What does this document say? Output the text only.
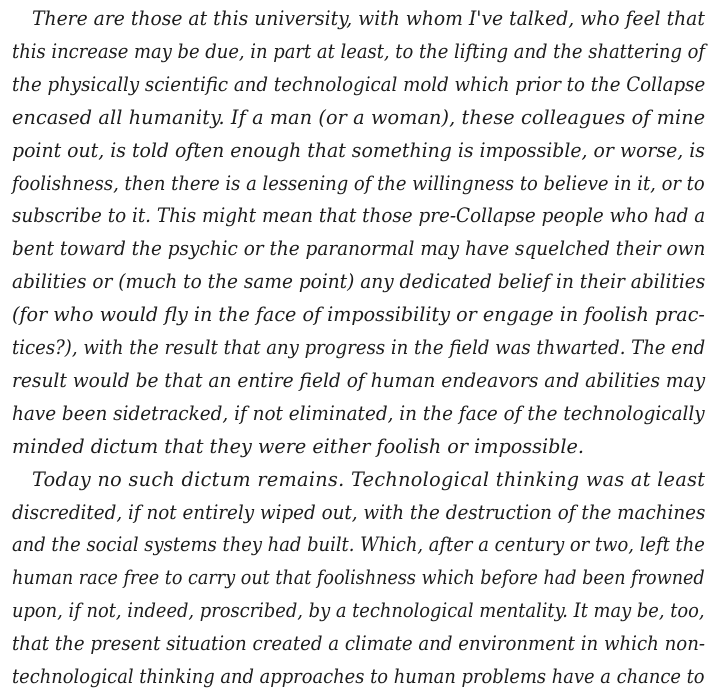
There are those at this university, with whom I've talked, who feel that

this increase may be due, in part at least, to the lifting and the shattering of

the physically scientific and technological mold which prior to the Collapse

encased all humanity. If a man (or a woman), these colleagues of mine

point out, is told often enough that something is impossible, or worse, is

foolishness, then there is a lessening of the willingness to believe in it, or to

subscribe to it. This might mean that those pre-Collapse people who had a

bent toward the psychic or the paranormal may have squelched their own

abilities or (much to the same point) any dedicated belief in their abilities

(for who would fly in the face of impossibility or engage in foolish prac-

tices?), with the result that any progress in the field was thwarted. The end

result would be that an entire field of human endeavors and abilities may

have been sidetracked, if not eliminated, in the face of the technologically

minded dictum that they were either foolish or impossible.

Today no such dictum remains. Technological thinking was at least

discredited, if not entirely wiped out, with the destruction of the machines

and the social systems they had built. Which, after a century or two, left the

human race free to carry out that foolishness which before had been frowned

upon, if not, indeed, proscribed, by a technological mentality. It may be, too,

that the present situation created a climate and environment in which non-

technological thinking and approaches to human problems have a chance to
